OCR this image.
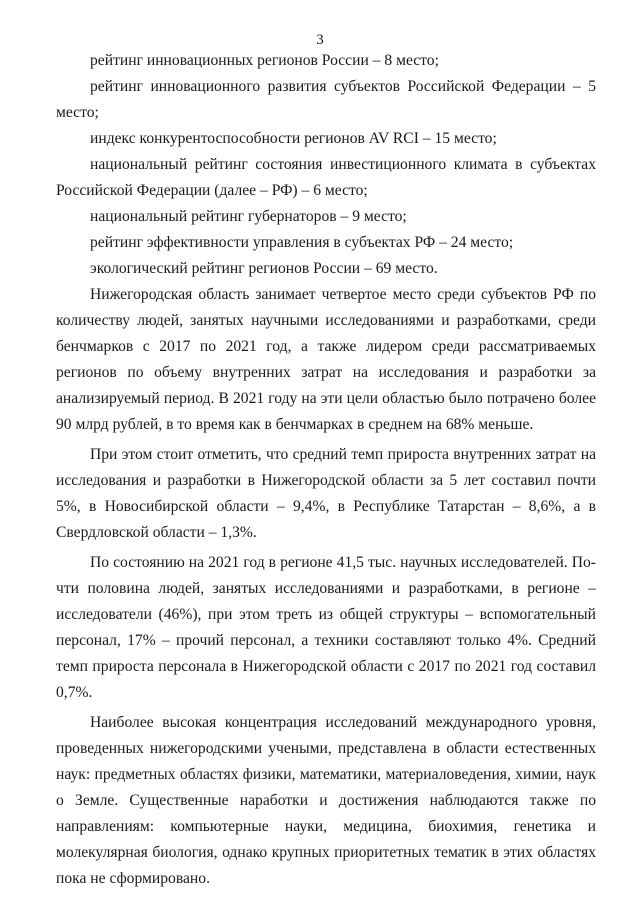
3

рейтинг инновационных регионов России – 8 место;

рейтинг инновационного развития субъектов Российской Федерации – 5 место;

индекс конкурентоспособности регионов AV RCI – 15 место;

национальный рейтинг состояния инвестиционного климата в субъектах Российской Федерации (далее – РФ) – 6 место;

национальный рейтинг губернаторов – 9 место;

рейтинг эффективности управления в субъектах РФ – 24 место;

экологический рейтинг регионов России – 69 место.

Нижегородская область занимает четвертое место среди субъектов РФ по количеству людей, занятых научными исследованиями и разработками, среди бенчмарков с 2017 по 2021 год, а также лидером среди рассматриваемых регионов по объему внутренних затрат на исследования и разработки за анализируемый период. В 2021 году на эти цели областью было потрачено более 90 млрд рублей, в то время как в бенчмарках в среднем на 68% меньше.

При этом стоит отметить, что средний темп прироста внутренних затрат на исследования и разработки в Нижегородской области за 5 лет составил почти 5%, в Новосибирской области – 9,4%, в Республике Татарстан – 8,6%, а в Свердловской области – 1,3%.

По состоянию на 2021 год в регионе 41,5 тыс. научных исследователей. Почти половина людей, занятых исследованиями и разработками, в регионе – исследователи (46%), при этом треть из общей структуры – вспомогательный персонал, 17% – прочий персонал, а техники составляют только 4%. Средний темп прироста персонала в Нижегородской области с 2017 по 2021 год составил 0,7%.

Наиболее высокая концентрация исследований международного уровня, проведенных нижегородскими учеными, представлена в области естественных наук: предметных областях физики, математики, материаловедения, химии, наук о Земле. Существенные наработки и достижения наблюдаются также по направлениям: компьютерные науки, медицина, биохимия, генетика и молекулярная биология, однако крупных приоритетных тематик в этих областях пока не сформировано.
